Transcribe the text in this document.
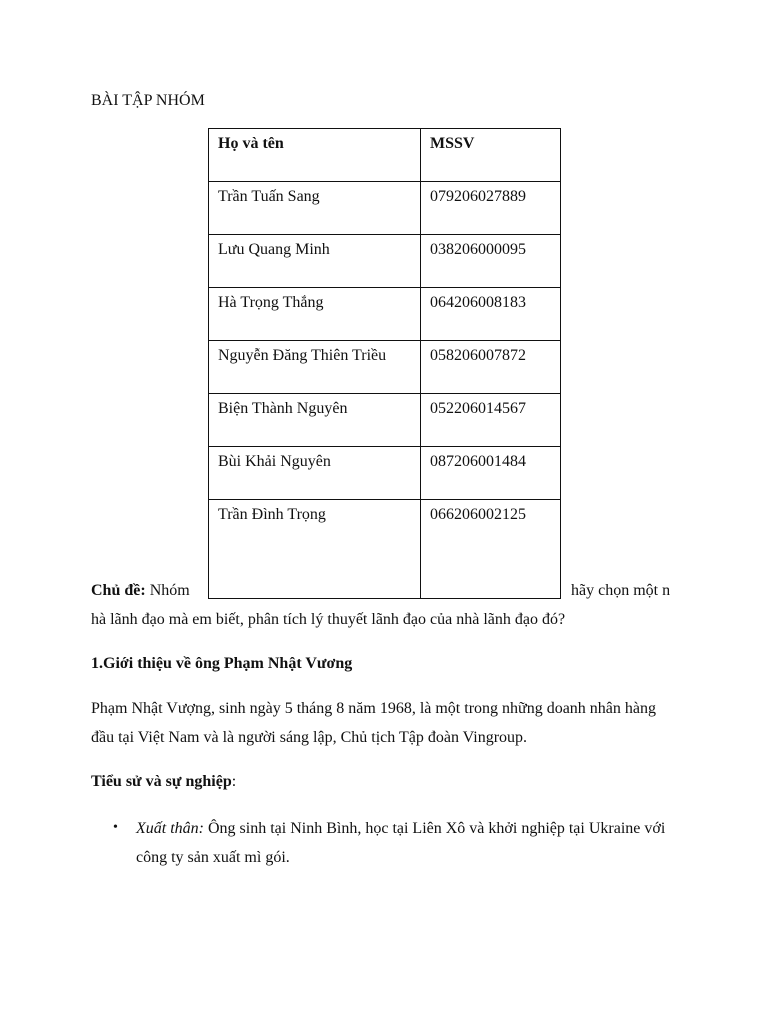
BÀI TẬP NHÓM
Họ và tên	MSSV
Trần Tuấn Sang	079206027889
Lưu Quang Minh	038206000095
Hà Trọng Thắng	064206008183
Nguyễn Đăng Thiên Triều	058206007872
Biện Thành Nguyên	052206014567
Bùi Khải Nguyên	087206001484
Trần Đình Trọng	066206002125
Chủ đề: Nhóm	hãy chọn một n
hà lãnh đạo mà em biết, phân tích lý thuyết lãnh đạo của nhà lãnh đạo đó?
1.Giới thiệu về ông Phạm Nhật Vương
Phạm Nhật Vượng, sinh ngày 5 tháng 8 năm 1968, là một trong những doanh nhân hàng
đầu tại Việt Nam và là người sáng lập, Chủ tịch Tập đoàn Vingroup.
Tiểu sử và sự nghiệp:
• Xuất thân: Ông sinh tại Ninh Bình, học tại Liên Xô và khởi nghiệp tại Ukraine với
công ty sản xuất mì gói.
